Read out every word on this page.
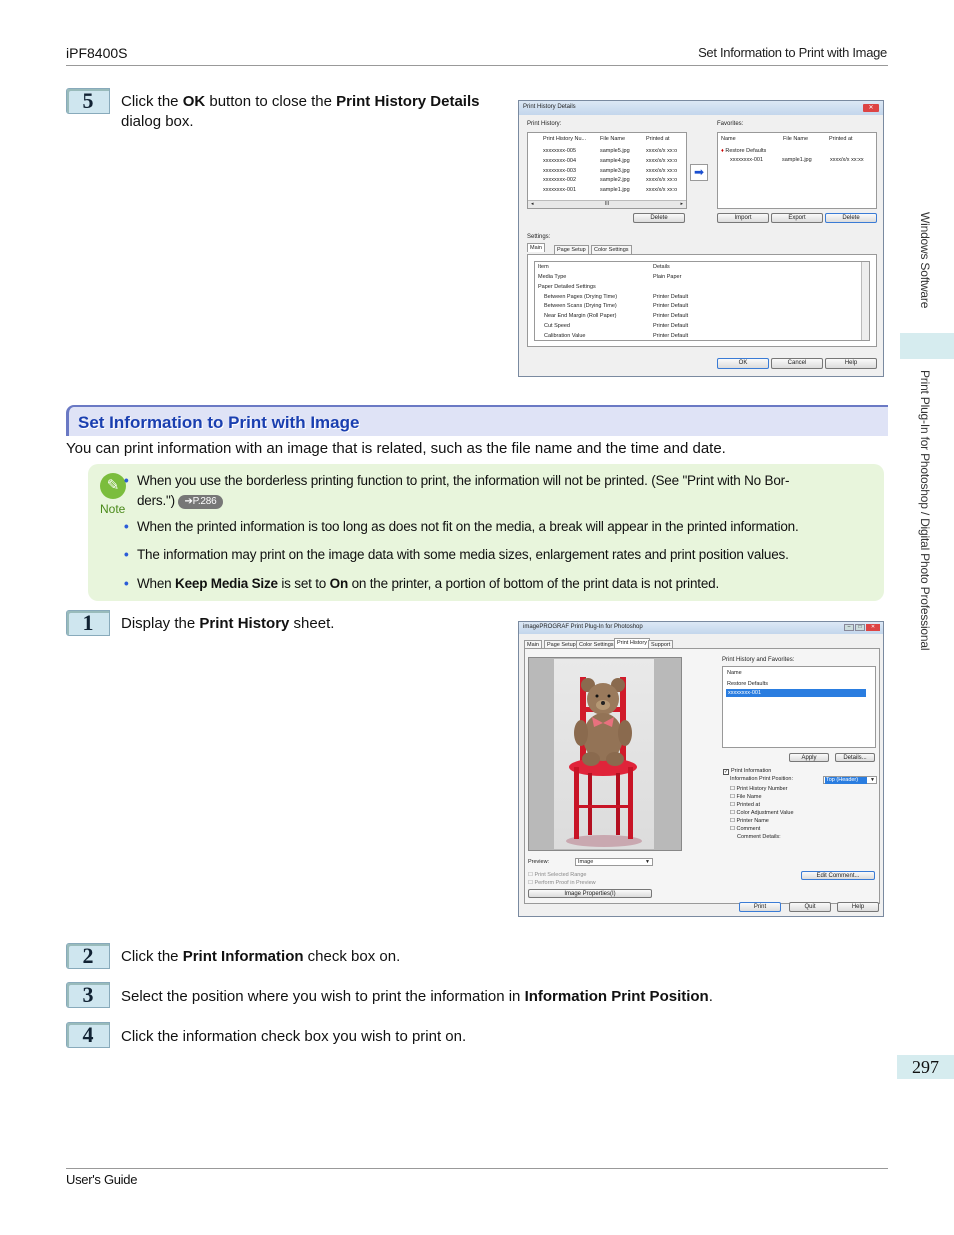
iPF8400S	Set Information to Print with Image
Windows Software
Print Plug-In for Photoshop / Digital Photo Professional
5	Click the OK button to close the Print History Details dialog box.
Print History Details	✕
Print History:
Print History Nu...	File Name	Printed at
xxxxxxxx-005	sample5.jpg	xxxx/x/x xx:o
xxxxxxxx-004	sample4.jpg	xxxx/x/x xx:o
xxxxxxxx-003	sample3.jpg	xxxx/x/x xx:o
xxxxxxxx-002	sample2.jpg	xxxx/x/x xx:o
xxxxxxxx-001	sample1.jpg	xxxx/x/x xx:o
◂	III	▸
➡
Favorites:
Name	File Name	Printed at
♦ Restore Defaults
xxxxxxxx-001	sample1.jpg	xxxx/x/x xx:xx
Delete	Import	Export	Delete
Settings:
Main	Page Setup	Color Settings
Item	Details
Media Type	Plain Paper
Paper Detailed Settings
Between Pages (Drying Time)	Printer Default
Between Scans (Drying Time)	Printer Default
Near End Margin (Roll Paper)	Printer Default
Cut Speed	Printer Default
Calibration Value	Printer Default
OK	Cancel	Help
Set Information to Print with Image
You can print information with an image that is related, such as the file name and the time and date.
✎
Note
• When you use the borderless printing function to print, the information will not be printed. (See "Print with No Bor-
ders.") ➔P.286
• When the printed information is too long as does not fit on the media, a break will appear in the printed information.
• The information may print on the image data with some media sizes, enlargement rates and print position values.
• When Keep Media Size is set to On on the printer, a portion of bottom of the print data is not printed.
1	Display the Print History sheet.	imagePROGRAF Print Plug-In for Photoshop	–	□	✕
Main	Page Setup Color Settings Print History Support
Print History and Favorites:
Name
Restore Defaults
xxxxxxxx-001
Apply	Details...
✓ Print Information
Information Print Position:	Top (Header)	▼
☐ Print History Number
☐ File Name
☐ Printed at
☐ Color Adjustment Value
☐ Printer Name
☐ Comment
Comment Details:
Preview:	Image	▼
☐ Print Selected Range
☐ Perform Proof in Preview
Edit Comment...
Image Properties(I)
Print	Quit	Help
2	Click the Print Information check box on.
3	Select the position where you wish to print the information in Information Print Position.
4	Click the information check box you wish to print on.
297
User's Guide
